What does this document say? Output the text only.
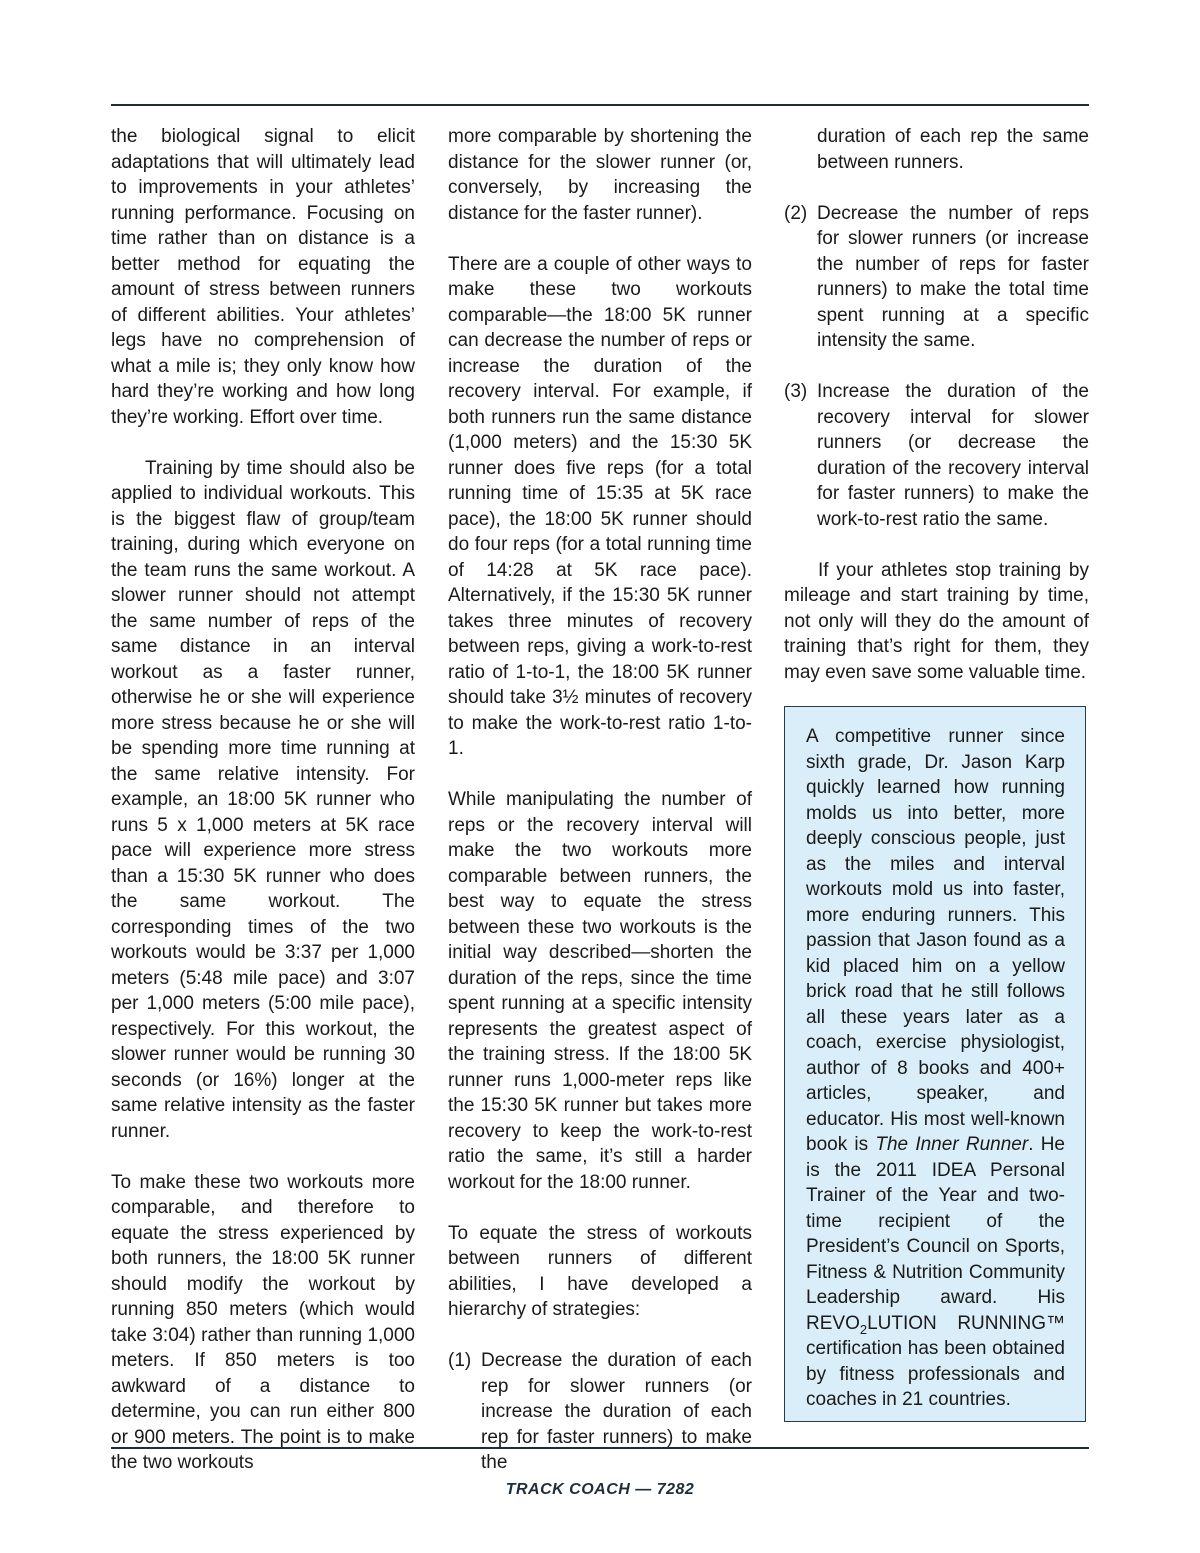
the biological signal to elicit adaptations that will ultimately lead to improvements in your athletes’ running performance. Focusing on time rather than on distance is a better method for equating the amount of stress between runners of different abilities. Your athletes’ legs have no comprehension of what a mile is; they only know how hard they’re working and how long they’re working. Effort over time.

Training by time should also be applied to individual workouts. This is the biggest flaw of group/team training, during which everyone on the team runs the same workout. A slower runner should not attempt the same number of reps of the same distance in an interval workout as a faster runner, otherwise he or she will experience more stress because he or she will be spending more time running at the same relative intensity. For example, an 18:00 5K runner who runs 5 x 1,000 meters at 5K race pace will experience more stress than a 15:30 5K runner who does the same workout. The corresponding times of the two workouts would be 3:37 per 1,000 meters (5:48 mile pace) and 3:07 per 1,000 meters (5:00 mile pace), respectively. For this workout, the slower runner would be running 30 seconds (or 16%) longer at the same relative intensity as the faster runner.

To make these two workouts more comparable, and therefore to equate the stress experienced by both runners, the 18:00 5K runner should modify the workout by running 850 meters (which would take 3:04) rather than running 1,000 meters. If 850 meters is too awkward of a distance to determine, you can run either 800 or 900 meters. The point is to make the two workouts

more comparable by shortening the distance for the slower runner (or, conversely, by increasing the distance for the faster runner).

There are a couple of other ways to make these two workouts comparable—the 18:00 5K runner can decrease the number of reps or increase the duration of the recovery interval. For example, if both runners run the same distance (1,000 meters) and the 15:30 5K runner does five reps (for a total running time of 15:35 at 5K race pace), the 18:00 5K runner should do four reps (for a total running time of 14:28 at 5K race pace). Alternatively, if the 15:30 5K runner takes three minutes of recovery between reps, giving a work-to-rest ratio of 1-to-1, the 18:00 5K runner should take 3½ minutes of recovery to make the work-to-rest ratio 1-to-1.

While manipulating the number of reps or the recovery interval will make the two workouts more comparable between runners, the best way to equate the stress between these two workouts is the initial way described—shorten the duration of the reps, since the time spent running at a specific intensity represents the greatest aspect of the training stress. If the 18:00 5K runner runs 1,000-meter reps like the 15:30 5K runner but takes more recovery to keep the work-to-rest ratio the same, it’s still a harder workout for the 18:00 runner.

To equate the stress of workouts between runners of different abilities, I have developed a hierarchy of strategies:

(1) Decrease the duration of each rep for slower runners (or increase the duration of each rep for faster runners) to make the
duration of each rep the same between runners.
(2) Decrease the number of reps for slower runners (or increase the number of reps for faster runners) to make the total time spent running at a specific intensity the same.
(3) Increase the duration of the recovery interval for slower runners (or decrease the duration of the recovery interval for faster runners) to make the work-to-rest ratio the same.

If your athletes stop training by mileage and start training by time, not only will they do the amount of training that’s right for them, they may even save some valuable time.

A competitive runner since sixth grade, Dr. Jason Karp quickly learned how running molds us into better, more deeply conscious people, just as the miles and interval workouts mold us into faster, more enduring runners. This passion that Jason found as a kid placed him on a yellow brick road that he still follows all these years later as a coach, exercise physiologist, author of 8 books and 400+ articles, speaker, and educator. His most well-known book is The Inner Runner. He is the 2011 IDEA Personal Trainer of the Year and two-time recipient of the President’s Council on Sports, Fitness & Nutrition Community Leadership award. His $REVO_2LUTION$ RUNNING™ certification has been obtained by fitness professionals and coaches in 21 countries.

TRACK COACH — 7282
